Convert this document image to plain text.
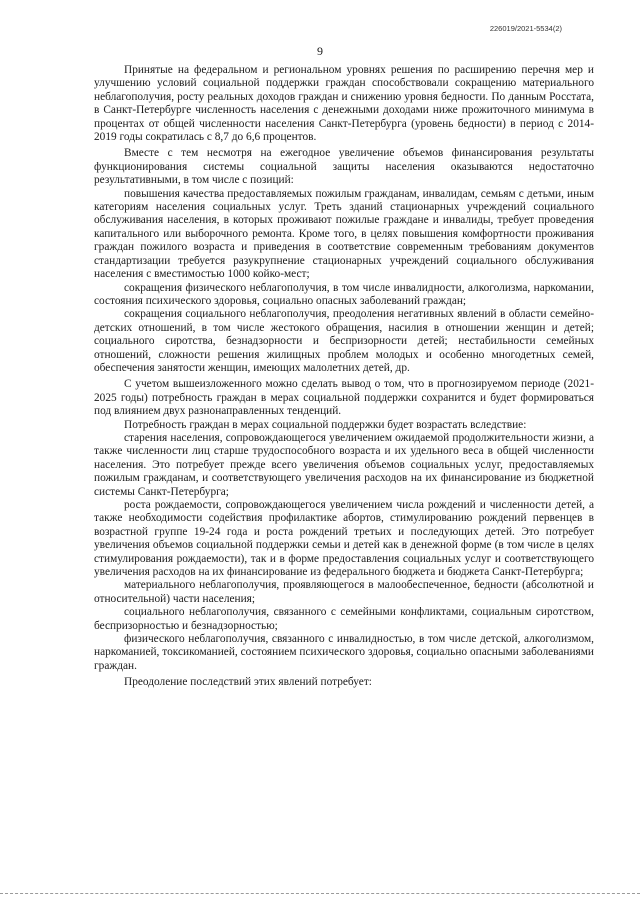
226019/2021-5534(2)
9

Принятые на федеральном и региональном уровнях решения по расширению перечня мер и улучшению условий социальной поддержки граждан способствовали сокращению материального неблагополучия, росту реальных доходов граждан и снижению уровня бедности. По данным Росстата, в Санкт-Петербурге численность населения с денежными доходами ниже прожиточного минимума в процентах от общей численности населения Санкт-Петербурга (уровень бедности) в период с 2014-2019 годы сократилась с 8,7 до 6,6 процентов.

Вместе с тем несмотря на ежегодное увеличение объемов финансирования результаты функционирования системы социальной защиты населения оказываются недостаточно результативными, в том числе с позиций:

повышения качества предоставляемых пожилым гражданам, инвалидам, семьям с детьми, иным категориям населения социальных услуг. Треть зданий стационарных учреждений социального обслуживания населения, в которых проживают пожилые граждане и инвалиды, требует проведения капитального или выборочного ремонта. Кроме того, в целях повышения комфортности проживания граждан пожилого возраста и приведения в соответствие современным требованиям документов стандартизации требуется разукрупнение стационарных учреждений социального обслуживания населения с вместимостью 1000 койко-мест;

сокращения физического неблагополучия, в том числе инвалидности, алкоголизма, наркомании, состояния психического здоровья, социально опасных заболеваний граждан;

сокращения социального неблагополучия, преодоления негативных явлений в области семейно-детских отношений, в том числе жестокого обращения, насилия в отношении женщин и детей; социального сиротства, безнадзорности и беспризорности детей; нестабильности семейных отношений, сложности решения жилищных проблем молодых и особенно многодетных семей, обеспечения занятости женщин, имеющих малолетних детей, др.

С учетом вышеизложенного можно сделать вывод о том, что в прогнозируемом периоде (2021-2025 годы) потребность граждан в мерах социальной поддержки сохранится и будет формироваться под влиянием двух разнонаправленных тенденций.

Потребность граждан в мерах социальной поддержки будет возрастать вследствие:

старения населения, сопровождающегося увеличением ожидаемой продолжительности жизни, а также численности лиц старше трудоспособного возраста и их удельного веса в общей численности населения. Это потребует прежде всего увеличения объемов социальных услуг, предоставляемых пожилым гражданам, и соответствующего увеличения расходов на их финансирование из бюджетной системы Санкт-Петербурга;

роста рождаемости, сопровождающегося увеличением числа рождений и численности детей, а также необходимости содействия профилактике абортов, стимулированию рождений первенцев в возрастной группе 19-24 года и роста рождений третьих и последующих детей. Это потребует увеличения объемов социальной поддержки семьи и детей как в денежной форме (в том числе в целях стимулирования рождаемости), так и в форме предоставления социальных услуг и соответствующего увеличения расходов на их финансирование из федерального бюджета и бюджета Санкт-Петербурга;

материального неблагополучия, проявляющегося в малообеспеченное, бедности (абсолютной и относительной) части населения;

социального неблагополучия, связанного с семейными конфликтами, социальным сиротством, беспризорностью и безнадзорностью;

физического неблагополучия, связанного с инвалидностью, в том числе детской, алкоголизмом, наркоманией, токсикоманией, состоянием психического здоровья, социально опасными заболеваниями граждан.

Преодоление последствий этих явлений потребует:
